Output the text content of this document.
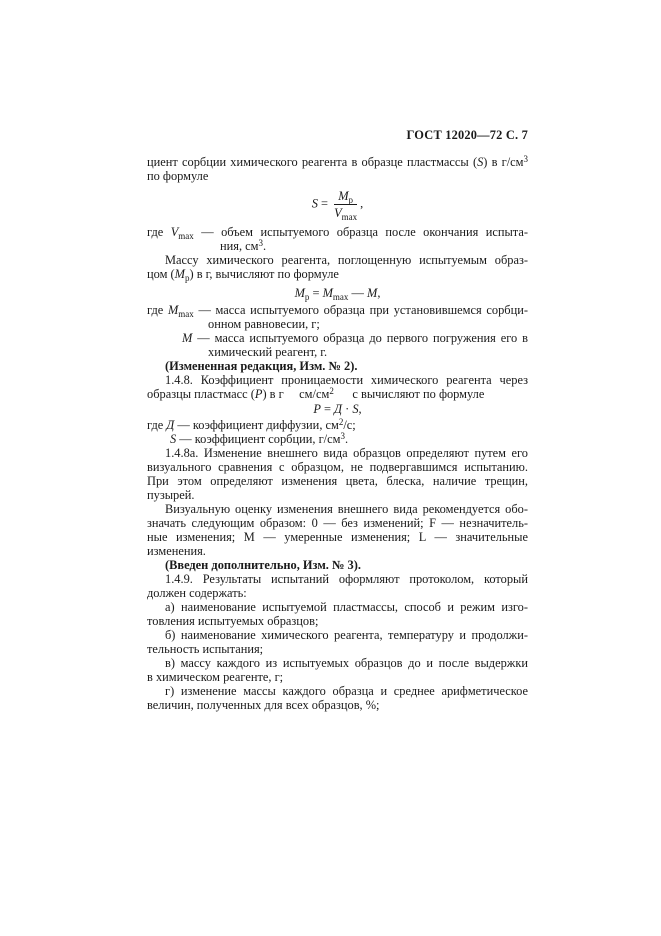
ГОСТ 12020—72 С. 7
циент сорбции химического реагента в образце пластмассы (S) в $г/см^3$
по формуле
$S = \frac{M_р}{V_{max}}$ ,
где $V_{max}$ — объем испытуемого образца после окончания испыта-
ния, $см^3$.
Массу химического реагента, поглощенную испытуемым образ-
цом $(M_р)$ в г, вычисляют по формуле
$M_р = M_{max}$ — M,
где $M_{max}$ — масса испытуемого образца при установившемся сорбци-
онном равновесии, г;
M — масса испытуемого образца до первого погружения его в
химический реагент, г.
(Измененная редакция, Изм. № 2).
1.4.8. Коэффициент проницаемости химического реагента через
образцы пластмасс (P) в г  $см/см^2$  с вычисляют по формуле
P = Д · S,
где Д — коэффициент диффузии, $см^2/с$;
S — коэффициент сорбции, $г/см^3$.
1.4.8а. Изменение внешнего вида образцов определяют путем его
визуального сравнения с образцом, не подвергавшимся испытанию.
При этом определяют изменения цвета, блеска, наличие трещин,
пузырей.
Визуальную оценку изменения внешнего вида рекомендуется обо-
значать следующим образом: 0 — без изменений; F — незначитель-
ные изменения; М — умеренные изменения; L — значительные
изменения.
(Введен дополнительно, Изм. № 3).
1.4.9. Результаты испытаний оформляют протоколом, который
должен содержать:
а) наименование испытуемой пластмассы, способ и режим изго-
товления испытуемых образцов;
б) наименование химического реагента, температуру и продолжи-
тельность испытания;
в) массу каждого из испытуемых образцов до и после выдержки
в химическом реагенте, г;
г) изменение массы каждого образца и среднее арифметическое
величин, полученных для всех образцов, %;
